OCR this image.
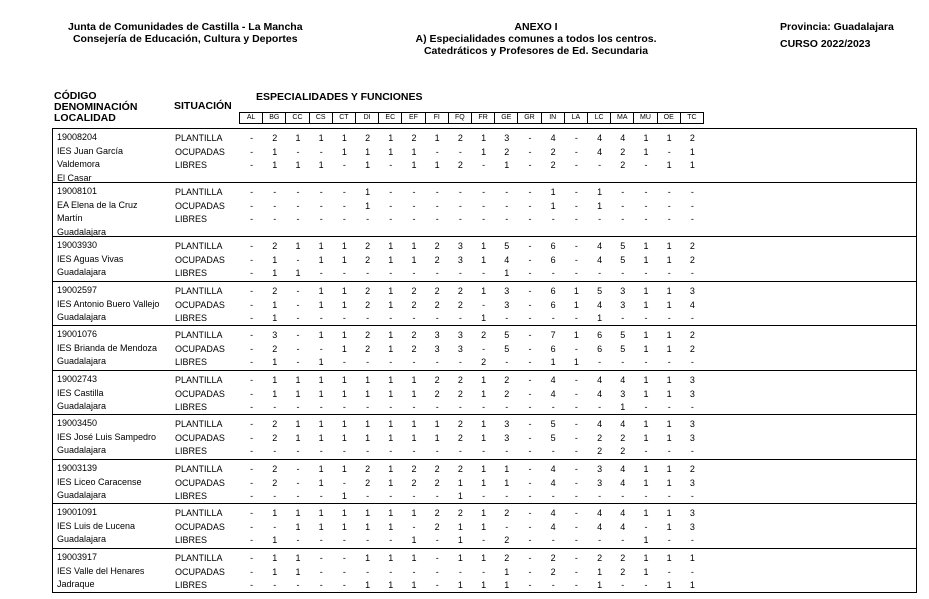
Junta de Comunidades de Castilla - La Mancha
Consejería de Educación, Cultura y Deportes
ANEXO I
A) Especialidades comunes a todos los centros.
Catedráticos y Profesores de Ed. Secundaria
Provincia: Guadalajara
CURSO 2022/2023
CÓDIGO
DENOMINACIÓN
LOCALIDAD
SITUACIÓN
ESPECIALIDADES Y FUNCIONES
AL	BG	CC	CS	CT	DI	EC	EF	FI	FQ	FR	GE	GR	IN	LA	LC	MA	MU	OE	TC
19008204
IES Juan García
Valdemora
El Casar
PLANTILLA	-	2	1	1	1	2	1	2	1	2	1	3	-	4	-	4	4	1	1	2
OCUPADAS	-	1	-	-	1	1	1	1	-	-	1	2	-	2	-	4	2	1	-	1
LIBRES	-	1	1	1	-	1	-	1	1	2	-	1	-	2	-	-	2	-	1	1
19008101
EA Elena de la Cruz
Martín
Guadalajara
PLANTILLA	-	-	-	-	-	1	-	-	-	-	-	-	-	1	-	1	-	-	-	-
OCUPADAS	-	-	-	-	-	1	-	-	-	-	-	-	-	1	-	1	-	-	-	-
LIBRES	-	-	-	-	-	-	-	-	-	-	-	-	-	-	-	-	-	-	-	-
19003930
IES Aguas Vivas
Guadalajara
PLANTILLA	-	2	1	1	1	2	1	1	2	3	1	5	-	6	-	4	5	1	1	2
OCUPADAS	-	1	-	1	1	2	1	1	2	3	1	4	-	6	-	4	5	1	1	2
LIBRES	-	1	1	-	-	-	-	-	-	-	-	1	-	-	-	-	-	-	-	-
19002597
IES Antonio Buero Vallejo
Guadalajara
PLANTILLA	-	2	-	1	1	2	1	2	2	2	1	3	-	6	1	5	3	1	1	3
OCUPADAS	-	1	-	1	1	2	1	2	2	2	-	3	-	6	1	4	3	1	1	4
LIBRES	-	1	-	-	-	-	-	-	-	-	1	-	-	-	-	1	-	-	-	-
19001076
IES Brianda de Mendoza
Guadalajara
PLANTILLA	-	3	-	1	1	2	1	2	3	3	2	5	-	7	1	6	5	1	1	2
OCUPADAS	-	2	-	-	1	2	1	2	3	3	-	5	-	6	-	6	5	1	1	2
LIBRES	-	1	-	1	-	-	-	-	-	-	2	-	-	1	1	-	-	-	-	-
19002743
IES Castilla
Guadalajara
PLANTILLA	-	1	1	1	1	1	1	1	2	2	1	2	-	4	-	4	4	1	1	3
OCUPADAS	-	1	1	1	1	1	1	1	2	2	1	2	-	4	-	4	3	1	1	3
LIBRES	-	-	-	-	-	-	-	-	-	-	-	-	-	-	-	-	1	-	-	-
19003450
IES José Luis Sampedro
Guadalajara
PLANTILLA	-	2	1	1	1	1	1	1	1	2	1	3	-	5	-	4	4	1	1	3
OCUPADAS	-	2	1	1	1	1	1	1	1	2	1	3	-	5	-	2	2	1	1	3
LIBRES	-	-	-	-	-	-	-	-	-	-	-	-	-	-	-	2	2	-	-	-
19003139
IES Liceo Caracense
Guadalajara
PLANTILLA	-	2	-	1	1	2	1	2	2	2	1	1	-	4	-	3	4	1	1	2
OCUPADAS	-	2	-	1	-	2	1	2	2	1	1	1	-	4	-	3	4	1	1	3
LIBRES	-	-	-	-	1	-	-	-	-	1	-	-	-	-	-	-	-	-	-	-
19001091
IES Luis de Lucena
Guadalajara
PLANTILLA	-	1	1	1	1	1	1	1	2	2	1	2	-	4	-	4	4	1	1	3
OCUPADAS	-	-	1	1	1	1	1	-	2	1	1	-	-	4	-	4	4	-	1	3
LIBRES	-	1	-	-	-	-	-	1	-	1	-	2	-	-	-	-	-	1	-	-
19003917
IES Valle del Henares
Jadraque
PLANTILLA	-	1	1	-	-	1	1	1	-	1	1	2	-	2	-	2	2	1	1	1
OCUPADAS	-	1	1	-	-	-	-	-	-	-	-	1	-	2	-	1	2	1	-	-
LIBRES	-	-	-	-	-	1	1	1	-	1	1	1	-	-	-	1	-	-	1	1
